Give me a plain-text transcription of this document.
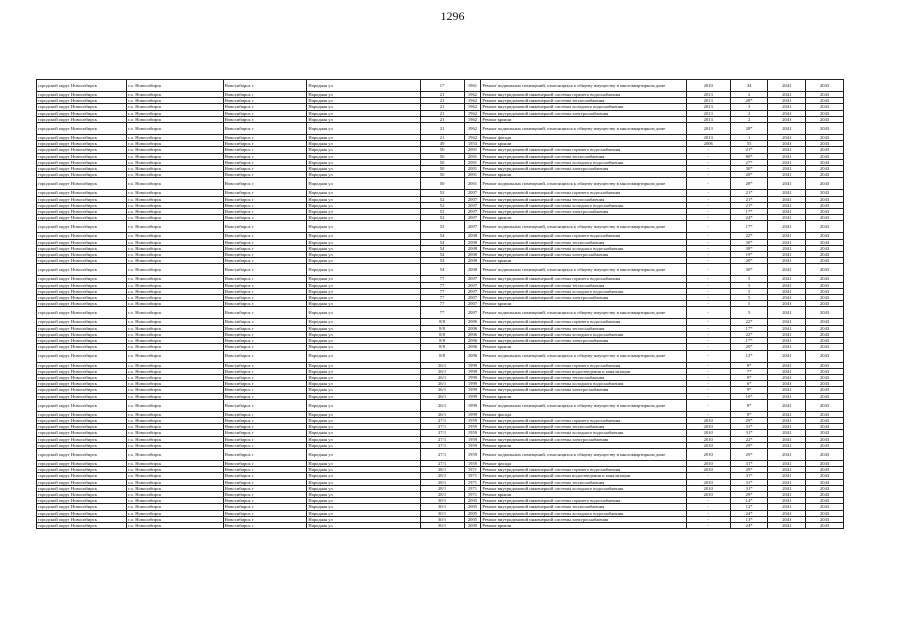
1296
городской округ Новосибирск	г.о. Новосибирск	Новосибирск г	Народная ул	17	1961	Ремонт подвальных помещений, относящихся к общему имуществу в многоквартирном доме	2010	34	2041	2043
городской округ Новосибирск	г.о. Новосибирск	Новосибирск г	Народная ул	21	1962	Ремонт внутридомовой инженерной системы горячего водоснабжения	2013	2	2041	2043
городской округ Новосибирск	г.о. Новосибирск	Новосибирск г	Народная ул	21	1962	Ремонт внутридомовой инженерной системы теплоснабжения	2013	28*	2041	2043
городской округ Новосибирск	г.о. Новосибирск	Новосибирск г	Народная ул	21	1962	Ремонт внутридомовой инженерной системы холодного водоснабжения	2013	3	2041	2043
городской округ Новосибирск	г.о. Новосибирск	Новосибирск г	Народная ул	21	1962	Ремонт внутридомовой инженерной системы электроснабжения	2013	2	2041	2043
городской округ Новосибирск	г.о. Новосибирск	Новосибирск г	Народная ул	21	1962	Ремонт крыши	2013	2	2041	2043
городской округ Новосибирск	г.о. Новосибирск	Новосибирск г	Народная ул	21	1962	Ремонт подвальных помещений, относящихся к общему имуществу в многоквартирном доме	2013	28*	2041	2043
городской округ Новосибирск	г.о. Новосибирск	Новосибирск г	Народная ул	21	1962	Ремонт фасада	2013	1	2041	2043
городской округ Новосибирск	г.о. Новосибирск	Новосибирск г	Народная ул	49	1953	Ремонт крыши	2006	55	2041	2043
городской округ Новосибирск	г.о. Новосибирск	Новосибирск г	Народная ул	50	2001	Ремонт внутридомовой инженерной системы горячего водоснабжения	-	21*	2041	2043
городской округ Новосибирск	г.о. Новосибирск	Новосибирск г	Народная ул	50	2001	Ремонт внутридомовой инженерной системы теплоснабжения	-	80*	2041	2043
городской округ Новосибирск	г.о. Новосибирск	Новосибирск г	Народная ул	50	2001	Ремонт внутридомовой инженерной системы холодного водоснабжения	-	27*	2041	2043
городской округ Новосибирск	г.о. Новосибирск	Новосибирск г	Народная ул	50	2001	Ремонт внутридомовой инженерной системы электроснабжения	-	30*	2041	2043
городской округ Новосибирск	г.о. Новосибирск	Новосибирск г	Народная ул	50	2001	Ремонт крыши	-	20*	2041	2043
городской округ Новосибирск	г.о. Новосибирск	Новосибирск г	Народная ул	50	2001	Ремонт подвальных помещений, относящихся к общему имуществу в многоквартирном доме	-	28*	2041	2043
городской округ Новосибирск	г.о. Новосибирск	Новосибирск г	Народная ул	52	2007	Ремонт внутридомовой инженерной системы горячего водоснабжения	-	21*	2041	2043
городской округ Новосибирск	г.о. Новосибирск	Новосибирск г	Народная ул	52	2007	Ремонт внутридомовой инженерной системы теплоснабжения	-	21*	2041	2043
городской округ Новосибирск	г.о. Новосибирск	Новосибирск г	Народная ул	52	2007	Ремонт внутридомовой инженерной системы холодного водоснабжения	-	21*	2041	2043
городской округ Новосибирск	г.о. Новосибирск	Новосибирск г	Народная ул	52	2007	Ремонт внутридомовой инженерной системы электроснабжения	-	17*	2041	2043
городской округ Новосибирск	г.о. Новосибирск	Новосибирск г	Народная ул	52	2007	Ремонт крыши	-	24*	2041	2043
городской округ Новосибирск	г.о. Новосибирск	Новосибирск г	Народная ул	52	2007	Ремонт подвальных помещений, относящихся к общему имуществу в многоквартирном доме	-	17*	2041	2043
городской округ Новосибирск	г.о. Новосибирск	Новосибирск г	Народная ул	54	2008	Ремонт внутридомовой инженерной системы горячего водоснабжения	-	22*	2041	2043
городской округ Новосибирск	г.о. Новосибирск	Новосибирск г	Народная ул	54	2008	Ремонт внутридомовой инженерной системы теплоснабжения	-	30*	2041	2043
городской округ Новосибирск	г.о. Новосибирск	Новосибирск г	Народная ул	54	2008	Ремонт внутридомовой инженерной системы холодного водоснабжения	-	38*	2041	2043
городской округ Новосибирск	г.о. Новосибирск	Новосибирск г	Народная ул	54	2008	Ремонт внутридомовой инженерной системы электроснабжения	-	19*	2041	2043
городской округ Новосибирск	г.о. Новосибирск	Новосибирск г	Народная ул	54	2008	Ремонт крыши	-	20*	2041	2043
городской округ Новосибирск	г.о. Новосибирск	Новосибирск г	Народная ул	54	2008	Ремонт подвальных помещений, относящихся к общему имуществу в многоквартирном доме	-	30*	2041	2043
городской округ Новосибирск	г.о. Новосибирск	Новосибирск г	Народная ул	77	2007	Ремонт внутридомовой инженерной системы горячего водоснабжения	-	5	2041	2043
городской округ Новосибирск	г.о. Новосибирск	Новосибирск г	Народная ул	77	2007	Ремонт внутридомовой инженерной системы теплоснабжения	-	5	2041	2043
городской округ Новосибирск	г.о. Новосибирск	Новосибирск г	Народная ул	77	2007	Ремонт внутридомовой инженерной системы холодного водоснабжения	-	5	2041	2043
городской округ Новосибирск	г.о. Новосибирск	Новосибирск г	Народная ул	77	2007	Ремонт внутридомовой инженерной системы электроснабжения	-	5	2041	2043
городской округ Новосибирск	г.о. Новосибирск	Новосибирск г	Народная ул	77	2007	Ремонт крыши	-	5	2041	2043
городской округ Новосибирск	г.о. Новосибирск	Новосибирск г	Народная ул	77	2007	Ремонт подвальных помещений, относящихся к общему имуществу в многоквартирном доме	-	5	2041	2043
городской округ Новосибирск	г.о. Новосибирск	Новосибирск г	Народная ул	8/8	2006	Ремонт внутридомовой инженерной системы горячего водоснабжения	-	22*	2041	2043
городской округ Новосибирск	г.о. Новосибирск	Новосибирск г	Народная ул	8/8	2006	Ремонт внутридомовой инженерной системы теплоснабжения	-	17*	2041	2043
городской округ Новосибирск	г.о. Новосибирск	Новосибирск г	Народная ул	8/8	2006	Ремонт внутридомовой инженерной системы холодного водоснабжения	-	22*	2041	2043
городской округ Новосибирск	г.о. Новосибирск	Новосибирск г	Народная ул	8/8	2006	Ремонт внутридомовой инженерной системы электроснабжения	-	17*	2041	2043
городской округ Новосибирск	г.о. Новосибирск	Новосибирск г	Народная ул	8/8	2006	Ремонт крыши	-	20*	2041	2043
городской округ Новосибирск	г.о. Новосибирск	Новосибирск г	Народная ул	8/8	2006	Ремонт подвальных помещений, относящихся к общему имуществу в многоквартирном доме	-	12*	2041	2043
городской округ Новосибирск	г.о. Новосибирск	Новосибирск г	Народная ул	26/1	1999	Ремонт внутридомовой инженерной системы горячего водоснабжения	-	8*	2041	2043
городской округ Новосибирск	г.о. Новосибирск	Новосибирск г	Народная ул	26/1	1999	Ремонт внутридомовой инженерной системы водоотведения и канализации	-	7*	2041	2043
городской округ Новосибирск	г.о. Новосибирск	Новосибирск г	Народная ул	26/1	1999	Ремонт внутридомовой инженерной системы теплоснабжения	-	9*	2041	2043
городской округ Новосибирск	г.о. Новосибирск	Новосибирск г	Народная ул	26/1	1999	Ремонт внутридомовой инженерной системы холодного водоснабжения	-	6*	2041	2043
городской округ Новосибирск	г.о. Новосибирск	Новосибирск г	Народная ул	26/1	1999	Ремонт внутридомовой инженерной системы электроснабжения	-	9*	2041	2043
городской округ Новосибирск	г.о. Новосибирск	Новосибирск г	Народная ул	26/1	1999	Ремонт крыши	-	10*	2041	2043
городской округ Новосибирск	г.о. Новосибирск	Новосибирск г	Народная ул	26/1	1999	Ремонт подвальных помещений, относящихся к общему имуществу в многоквартирном доме	-	8*	2041	2043
городской округ Новосибирск	г.о. Новосибирск	Новосибирск г	Народная ул	26/1	1999	Ремонт фасада	-	8*	2041	2043
городской округ Новосибирск	г.о. Новосибирск	Новосибирск г	Народная ул	27/1	1959	Ремонт внутридомовой инженерной системы горячего водоснабжения	2010	29*	2041	2043
городской округ Новосибирск	г.о. Новосибирск	Новосибирск г	Народная ул	27/1	1959	Ремонт внутридомовой инженерной системы теплоснабжения	2010	31*	2041	2043
городской округ Новосибирск	г.о. Новосибирск	Новосибирск г	Народная ул	27/1	1959	Ремонт внутридомовой инженерной системы холодного водоснабжения	2010	31*	2041	2043
городской округ Новосибирск	г.о. Новосибирск	Новосибирск г	Народная ул	27/1	1959	Ремонт внутридомовой инженерной системы электроснабжения	2010	22*	2041	2043
городской округ Новосибирск	г.о. Новосибирск	Новосибирск г	Народная ул	27/1	1959	Ремонт крыши	2010	29*	2041	2043
городской округ Новосибирск	г.о. Новосибирск	Новосибирск г	Народная ул	27/1	1959	Ремонт подвальных помещений, относящихся к общему имуществу в многоквартирном доме	2010	29*	2041	2043
городской округ Новосибирск	г.о. Новосибирск	Новосибирск г	Народная ул	27/1	1959	Ремонт фасада	2010	31*	2041	2043
городской округ Новосибирск	г.о. Новосибирск	Новосибирск г	Народная ул	28/1	1971	Ремонт внутридомовой инженерной системы горячего водоснабжения	2010	29*	2041	2043
городской округ Новосибирск	г.о. Новосибирск	Новосибирск г	Народная ул	28/1	1971	Ремонт внутридомовой инженерной системы водоотведения и канализации	-	31*	2041	2043
городской округ Новосибирск	г.о. Новосибирск	Новосибирск г	Народная ул	28/1	1971	Ремонт внутридомовой инженерной системы теплоснабжения	2010	31*	2041	2043
городской округ Новосибирск	г.о. Новосибирск	Новосибирск г	Народная ул	28/1	1971	Ремонт внутридомовой инженерной системы холодного водоснабжения	2010	31*	2041	2043
городской округ Новосибирск	г.о. Новосибирск	Новосибирск г	Народная ул	28/1	1971	Ремонт крыши	2010	29*	2041	2043
городской округ Новосибирск	г.о. Новосибирск	Новосибирск г	Народная ул	30/1	2005	Ремонт внутридомовой инженерной системы горячего водоснабжения	-	14*	2041	2043
городской округ Новосибирск	г.о. Новосибирск	Новосибирск г	Народная ул	30/1	2005	Ремонт внутридомовой инженерной системы теплоснабжения	-	12*	2041	2043
городской округ Новосибирск	г.о. Новосибирск	Новосибирск г	Народная ул	30/1	2005	Ремонт внутридомовой инженерной системы холодного водоснабжения	-	24*	2041	2043
городской округ Новосибирск	г.о. Новосибирск	Новосибирск г	Народная ул	30/1	2005	Ремонт внутридомовой инженерной системы электроснабжения	-	13*	2041	2043
городской округ Новосибирск	г.о. Новосибирск	Новосибирск г	Народная ул	30/1	2005	Ремонт крыши	-	24*	2041	2043
